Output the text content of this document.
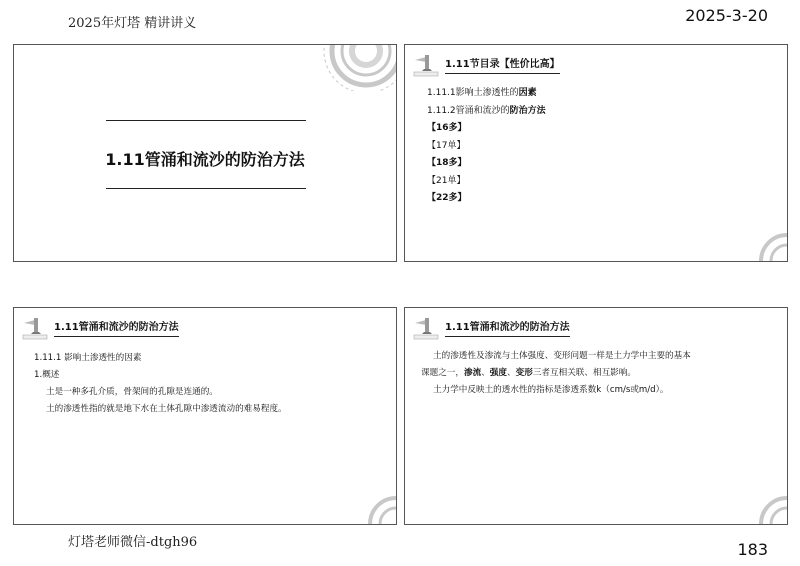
2025年灯塔 精讲讲义	2025-3-20
1.11管涌和流沙的防治方法
1.11节目录【性价比高】
1.11.1影响土渗透性的因素
1.11.2管涌和流沙的防治方法
【16多】
【17单】
【18多】
【21单】
【22多】
1.11管涌和流沙的防治方法
1.11.1 影响土渗透性的因素
1.概述
土是一种多孔介质，骨架间的孔隙是连通的。
土的渗透性指的就是地下水在土体孔隙中渗透流动的难易程度。
1.11管涌和流沙的防治方法
土的渗透性及渗流与土体强度、变形问题一样是土力学中主要的基本
课题之一，渗流、强度、变形三者互相关联、相互影响。
土力学中反映土的透水性的指标是渗透系数k（cm/s或m/d）。
灯塔老师微信-dtgh96	183
